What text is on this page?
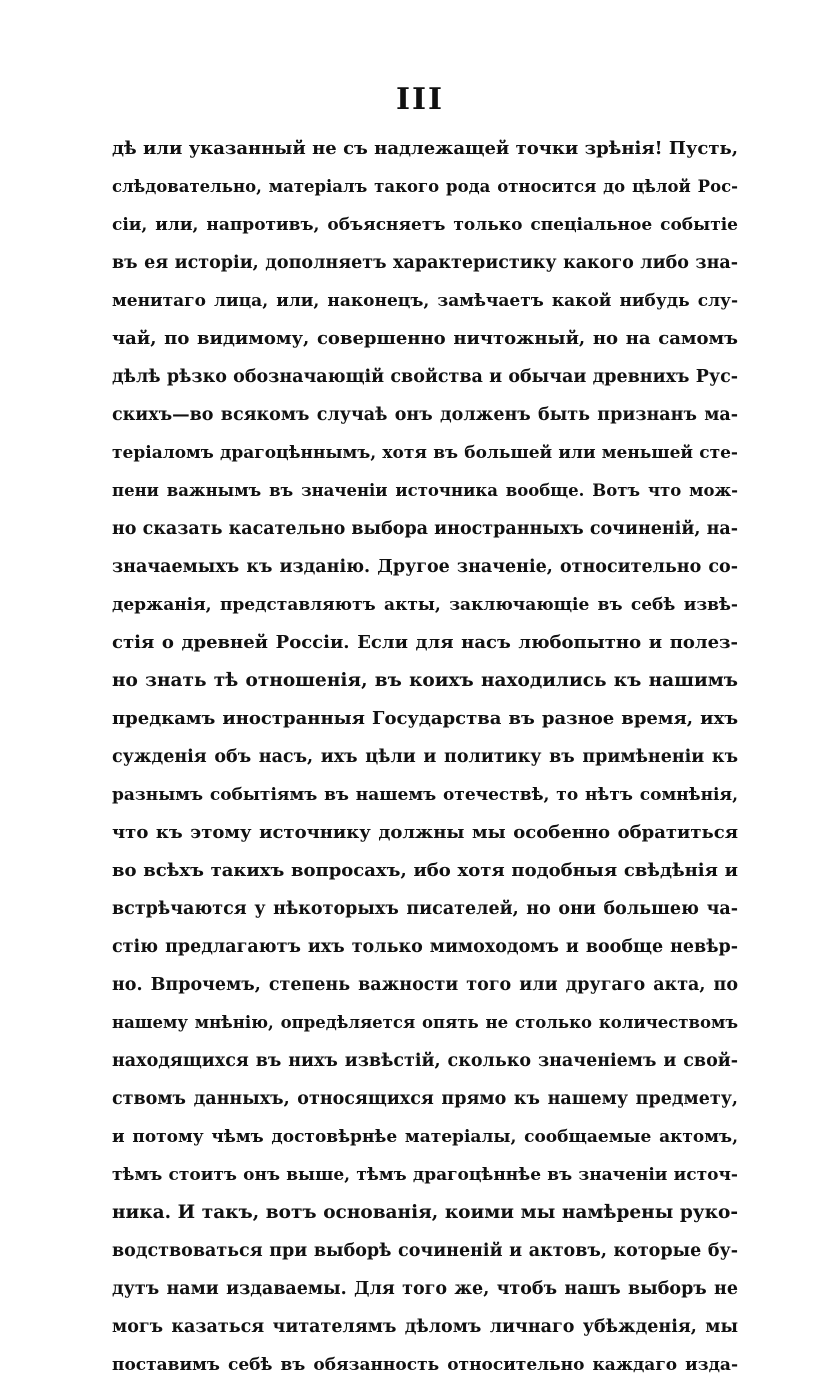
III
дѣ или указанный не съ надлежащей точки зрѣнія! Пусть,
слѣдовательно, матеріалъ такого рода относится до цѣлой Рос-
сіи, или, напротивъ, объясняетъ только спеціальное событіе
въ ея исторіи, дополняетъ характеристику какого либо зна-
менитаго лица, или, наконецъ, замѣчаетъ какой нибудь слу-
чай, по видимому, совершенно ничтожный, но на самомъ
дѣлѣ рѣзко обозначающій свойства и обычаи древнихъ Рус-
скихъ—во всякомъ случаѣ онъ долженъ быть признанъ ма-
теріаломъ драгоцѣннымъ, хотя въ большей или меньшей сте-
пени важнымъ въ значеніи источника вообще. Вотъ что мож-
но сказать касательно выбора иностранныхъ сочиненій, на-
значаемыхъ къ изданію. Другое значеніе, относительно со-
держанія, представляютъ акты, заключающіе въ себѣ извѣ-
стія о древней Россіи. Если для насъ любопытно и полез-
но знать тѣ отношенія, въ коихъ находились къ нашимъ
предкамъ иностранныя Государства въ разное время, ихъ
сужденія объ насъ, ихъ цѣли и политику въ примѣненіи къ
разнымъ событіямъ въ нашемъ отечествѣ, то нѣтъ сомнѣнія,
что къ этому источнику должны мы особенно обратиться
во всѣхъ такихъ вопросахъ, ибо хотя подобныя свѣдѣнія и
встрѣчаются у нѣкоторыхъ писателей, но они большею ча-
стію предлагаютъ ихъ только мимоходомъ и вообще невѣр-
но. Впрочемъ, степень важности того или другаго акта, по
нашему мнѣнію, опредѣляется опять не столько количествомъ
находящихся въ нихъ извѣстій, сколько значеніемъ и свой-
ствомъ данныхъ, относящихся прямо къ нашему предмету,
и потому чѣмъ достовѣрнѣе матеріалы, сообщаемые актомъ,
тѣмъ стоитъ онъ выше, тѣмъ драгоцѣннѣе въ значеніи источ-
ника. И такъ, вотъ основанія, коими мы намѣрены руко-
водствоваться при выборѣ сочиненій и актовъ, которые бу-
дутъ нами издаваемы. Для того же, чтобъ нашъ выборъ не
могъ казаться читателямъ дѣломъ личнаго убѣжденія, мы
поставимъ себѣ въ обязанность относительно каждаго изда-
